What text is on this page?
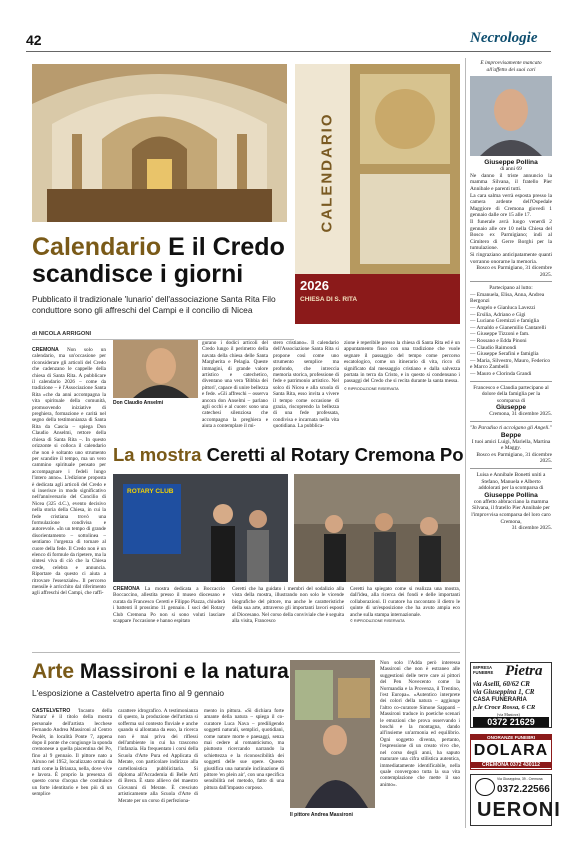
42	Necrologie
CALENDARIO
2026
CHIESA DI S. RITA
Calendario E il Credo scandisce i giorni
Pubblicato il tradizionale 'lunario' dell'associazione Santa Rita Filo conduttore sono gli affreschi del Campi e il concilio di Nicea
di NICOLA ARRIGONI
CREMONA Non solo un calendario, ma un'occasione per riconsiderare gli articoli del Credo che cadenzano le cappelle della chiesa di Santa Rita. A pubblicare il calendario 2026 – come da tradizione – è l'Associazione Santa Rita «che da anni accompagna la vita spirituale della comunità, promuovendo iniziative di preghiera, formazione e carità nel segno della testimonianza di Santa Rita da Cascia – spiega Don Claudio Anselmi, rettore della chiesa di Santa Rita –. In questo orizzonte si colloca il calendario che non è soltanto uno strumento per scandire il tempo, ma un vero cammino spirituale pensato per accompagnare i fedeli lungo l'intero anno». L'edizione proposta è dedicata agli articoli del Credo e si inserisce in modo significativo nell'anniversario del Concilio di Nicea (325 d.C.), evento decisivo nella storia della Chiesa, in cui la fede cristiana trovò una formulazione condivisa e autorevole. «In un tempo di grande disorientamento – sottolinea – sentiamo l'urgenza di tornare al cuore della fede. Il Credo non è un elenco di formule da ripetere, ma la sintesi viva di ciò che la Chiesa crede, celebra e annuncia. Riportare da questo ci aiuta a ritrovare l'essenziale». Il percorso mensile è arricchito dal riferimento agli affreschi del Campi, che raffi-
Don Claudio Anselmi
gurano i dodici articoli del Credo lungo il perimetro della navata della chiesa delle Santa Margherita e Pelagia. Queste immagini, di grande valore artistico e catechetico, diventano una vera 'Bibbia dei pittori', capace di unire bellezza e fede. «Gli affreschi – osserva ancora don Anselmi – parlano agli occhi e al cuore: sono una catechesi silenziosa che accompagna la preghiera e aiuta a contemplare il mi-
stero cristiano». Il calendario dell'Associazione Santa Rita si propone così come uno strumento semplice ma profondo, che intreccia memoria storica, professione di fede e patrimonio artistico. Nel solco di Nicea e alla scuola di Santa Rita, esso invita a vivere il tempo come occasione di grazia, riscoprendo la bellezza di una fede professata, condivisa e incarnata nella vita quotidiana. La pubblica-
zione è reperibile presso la chiesa di Santa Rita ed è un appuntamento fisso con una tradizione che vuole segnare il passaggio del tempo come percorso escatologico, come un itinerario di vita, ricco di significato dal messaggio cristiano e dalla salvezza portata in terra da Cristo, e in questo si condensano i passaggi del Credo che si recita durante la santa messa.
© RIPRODUZIONE RISERVATA
La mostra Ceretti al Rotary Cremona Po
ROTARY CLUB
CREMONA La mostra dedicata a Boccaccio Boccaccino, allestita presso il museo diocesano e curata da Francesco Ceretti e Filippo Piazza, chiuderà i battenti il prossimo 11 gennaio. I soci del Rotary Club Cremona Po non si sono voluti lasciare scappare l'occasione e hanno espitato
Ceretti che ha guidato i membri del sodalizio alla vista della mostra, illustrando non solo le vicende biografiche del pittore, ma anche le caratteristiche della sua arte, attraverso gli importanti lavori esposti al Diocesano. Nel corso della conviviale che è seguita alla visita, Francesco
Ceretti ha spiegato come si realizza una mostra, dall'idea, alla ricerca dei fondi e delle importanti collaborazioni. Il curatore ha raccontato il dietro le quinte di un'esposizione che ha avuto ampia eco anche sulla stampa internazionale.
© RIPRODUZIONE RISERVATA
Arte Massironi e la natura
L'esposizione a Castelvetro aperta fino al 9 gennaio
CASTELVETRO 'Incanto della Natura' è il titolo della mostra personale dell'artista lecchese Fernando Andrea Massironi al Centro Peolèt, in località Ponte 7, appena dopo il ponte che congiunge la sponda cremonese a quella piacentina del Po, fino al 9 gennaio. Il pittore nato a Airuno nel 1952, localizzato ormai da tutti come la Brianza, nella, dove vive e lavora. È proprio la presenza di questo corso d'acqua che costituisce un forte identitario e ben più di un semplice
carattere idrografico. A testimonianza di questo, la produzione dell'artista si sofferma sul contesto fluviale e anche quando si allontana da esso, la ricerca non è mai priva dei riflessi dell'ambiente in cui ha trascorso l'infanzia. Ha frequentato i corsi della Scuola d'Arte Pura ed Applicata di Merate, con particolare indirizzo alla cartellonistica pubblicitaria. Si diploma all'Accademia di Belle Arti di Brera. È stato allievo del maestro Giovanni di Merate. È cresciuto artisticamente alla Scuola d'Arte di Merate per un corso di perfeziona-
mento in pittura. «Si dichiara forte amante della natura – spiega il co-curatore Luca Nava – prediligendo soggetti naturali, semplici, quotidiani, come nature morte e paesaggi, senza mai cedere al romanticismo, ma piuttosto ricercando narrando la schiettezza e la riconoscibilità dei soggetti delle sue opere. Questo giustifica una naturale inclinazione di pittore 'en plein air', con una specifica sensibilità nel metodo, fatto di una pittura dall'impasto corposo.
Il pittore Andrea Massironi
Non solo l'Adda però interessa Massironi che non è estraneo alle suggestioni delle terre care ai pittori del Pen Novecento come la Normandia e la Provenza, il Trentino, l'est Europa». «Autentico interprete dei colori della natura – aggiunge l'altro co-curatore Simone Sappanti – Massironi traduce in poetiche scenari le emozioni che prova osservando i boschi e la montagna, dando all'insieme un'armonia ed equilibrio. Ogni soggetto diventa, pertanto, l'espressione di un creato vivo che, nel corso degli anni, ha saputo maturare una cifra stilistica autentica, immediatamente identificabile, nella quale convergono tutta la sua vita contemplazione che mette il suo animo».
È improvvisamente mancato all'affetto dei suoi cari
Giuseppe Pollina
di anni 69
Ne danno il triste annuncio la mamma Silvana, il fratello Pier Annibale e parenti tutti.
La cara salma verrà esposta presso la camera ardente dell'Ospedale Maggiore di Cremona giovedì 1 gennaio dalle ore 15 alle 17.
Il funerale avrà luogo venerdì 2 gennaio alle ore 10 nella Chiesa del Bosco ex Parmigiano; indi al Cimitero di Gerre Borghi per la tumulazione.
Si ringraziano anticipatamente quanti vorranno onorarne la memoria.
Bosco ex Parmigiano, 31 dicembre 2025.
Partecipano al lutto:
— Emanuela, Elisa, Anna, Andrea Bergonzi
— Angelo e Gianluca Lavezzi
— Ersilia, Adriano e Gigi
— Luciano Gremizzi e famiglia
— Arnaldo e Gianemilio Cantarelli
— Giuseppe Tizzoni e fam.
— Rossano e Edda Pinoni
— Claudio Raimondi
— Giuseppe Serafini e famiglia
— Maria, Silvestro, Mauro, Federico e Marco Zambelli
— Mauro e Clorinda Grandi
Francesco e Claudia partecipano al dolore della famiglia per la scomparsa di
Giuseppe
Cremona, 31 dicembre 2025.
"In Paradiso ti accolgano gli Angeli."
Beppe
I tuoi amici Luigi, Mariella, Martina e Maggy.
Bosco ex Parmigiano, 31 dicembre 2025.
Luisa e Annibale Bonetti uniti a Stefano, Manuela e Alberto addolorati per la scomparsa di
Giuseppe Pollina
con affetto abbracciano la mamma Silvana, il fratello Pier Annibale per l'improvvisa scomparsa del loro caro Cremona,
31 dicembre 2025.
IMPRESA FUNEBRE Pietra
via Aselli, 60/62 CR
via Giuseppina 1, CR
CASA FUNERARIA
p.le Croce Rossa, 6 CR
(via Mantova)
0372 21629
ONORANZE FUNEBRI
DOLARA
CREMONA 0372 430112
Via Giuseppina, 39 - Cremona
0372.22566
UERONI
